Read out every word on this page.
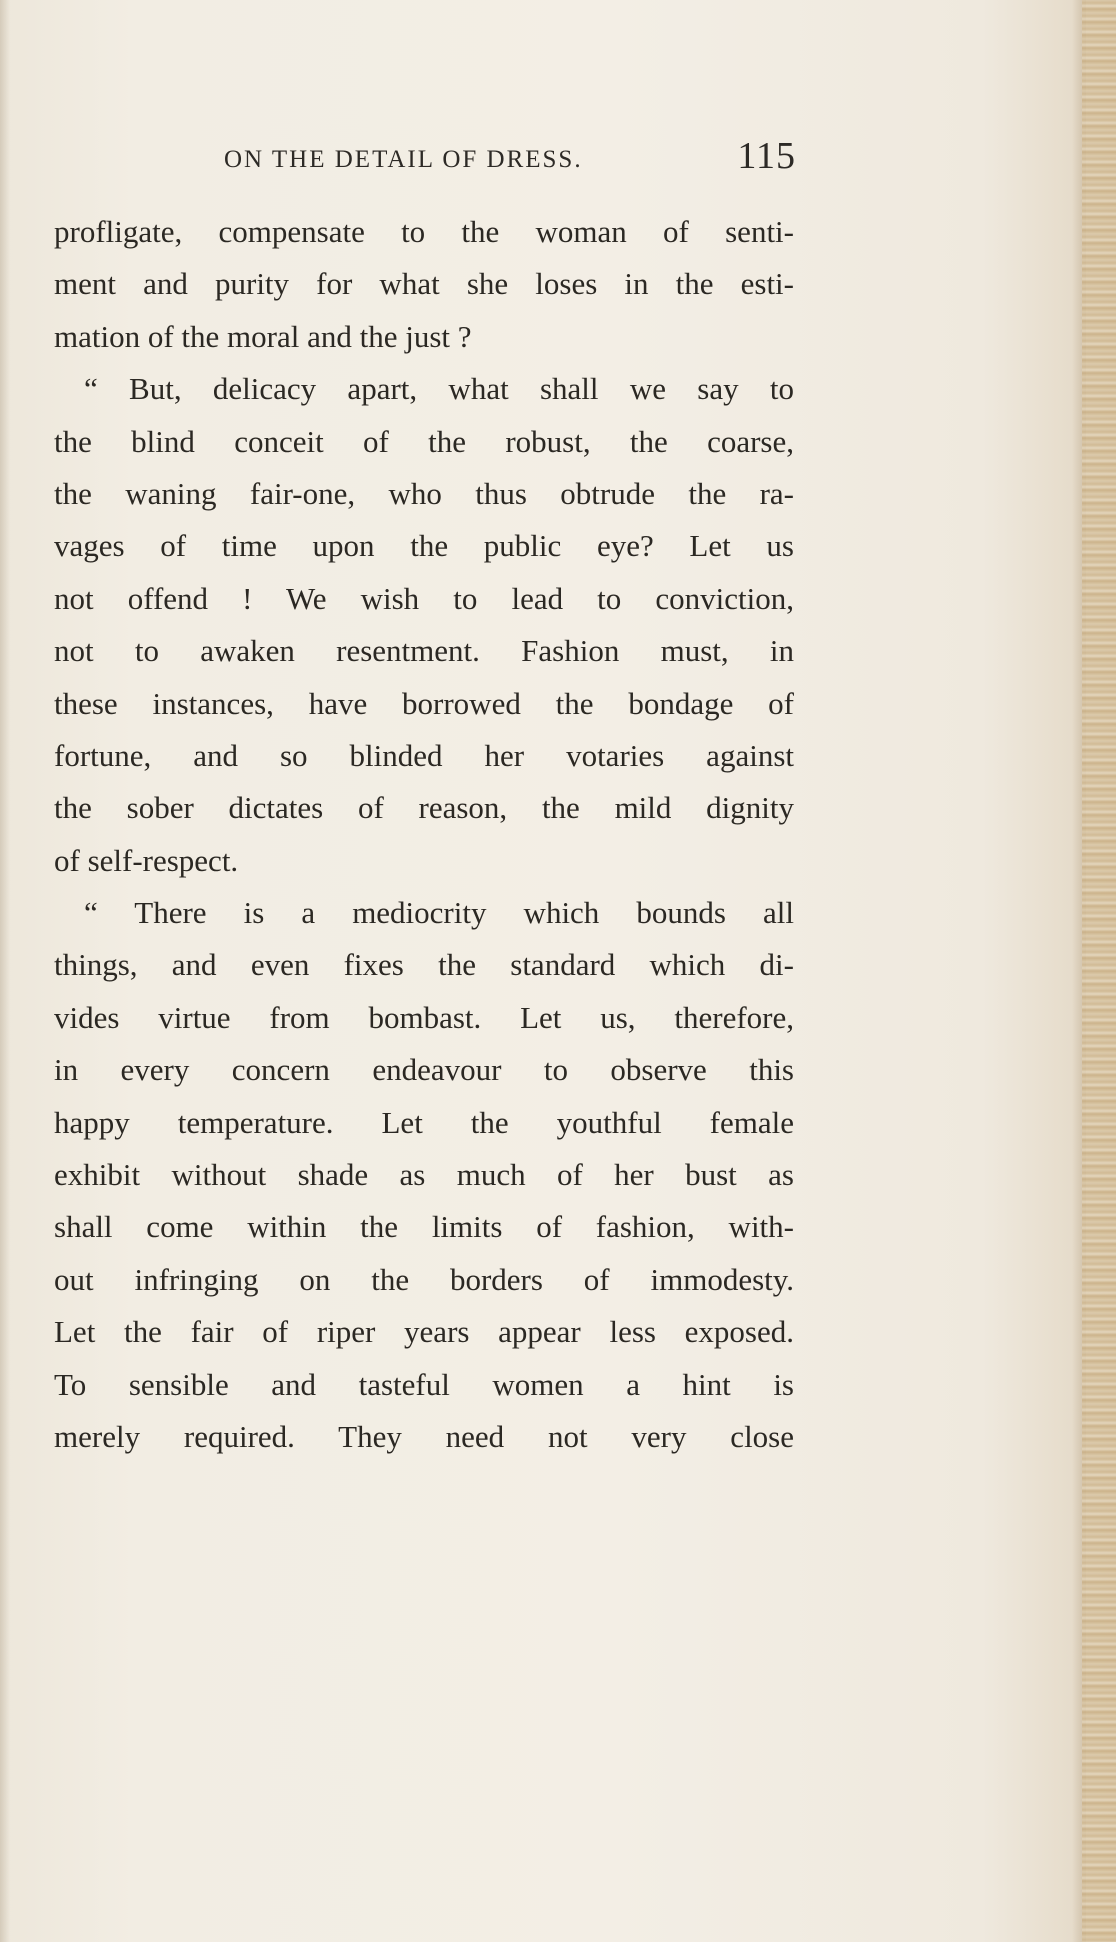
ON THE DETAIL OF DRESS.	115
profligate, compensate to the woman of senti-
ment and purity for what she loses in the esti-
mation of the moral and the just ?
“ But, delicacy apart, what shall we say to
the blind conceit of the robust, the coarse,
the waning fair-one, who thus obtrude the ra-
vages of time upon the public eye? Let us
not offend ! We wish to lead to conviction,
not to awaken resentment. Fashion must, in
these instances, have borrowed the bondage of
fortune, and so blinded her votaries against
the sober dictates of reason, the mild dignity
of self-respect.
“ There is a mediocrity which bounds all
things, and even fixes the standard which di-
vides virtue from bombast. Let us, therefore,
in every concern endeavour to observe this
happy temperature. Let the youthful female
exhibit without shade as much of her bust as
shall come within the limits of fashion, with-
out infringing on the borders of immodesty.
Let the fair of riper years appear less exposed.
To sensible and tasteful women a hint is
merely required. They need not very close
